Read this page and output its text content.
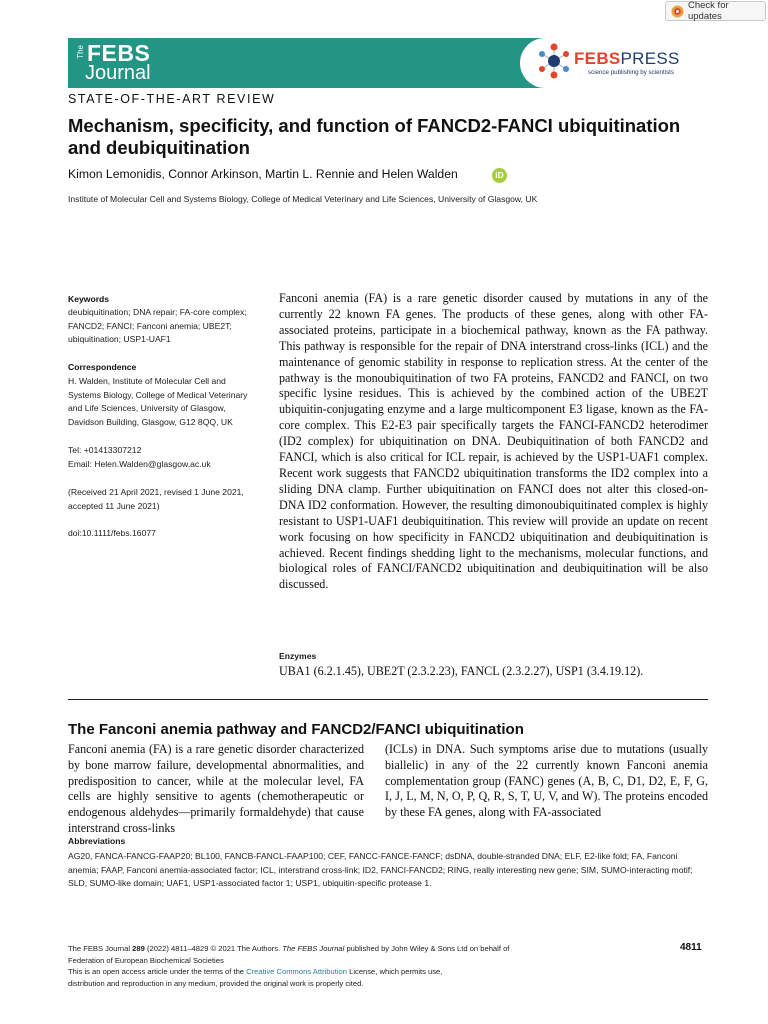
Check for updates
The FEBS
Journal
FEBSPRESS
science publishing by scientists
STATE-OF-THE-ART REVIEW
Mechanism, specificity, and function of FANCD2-FANCI ubiquitination and deubiquitination
Kimon Lemonidis, Connor Arkinson, Martin L. Rennie and Helen Walden	iD
Institute of Molecular Cell and Systems Biology, College of Medical Veterinary and Life Sciences, University of Glasgow, UK
Keywords
deubiquitination; DNA repair; FA-core complex; FANCD2; FANCI; Fanconi anemia; UBE2T; ubiquitination; USP1-UAF1
Correspondence
H. Walden, Institute of Molecular Cell and Systems Biology, College of Medical Veterinary and Life Sciences, University of Glasgow, Davidson Building, Glasgow, G12 8QQ, UK
Tel: +01413307212
Email: Helen.Walden@glasgow.ac.uk
(Received 21 April 2021, revised 1 June 2021, accepted 11 June 2021)
doi:10.1111/febs.16077
Fanconi anemia (FA) is a rare genetic disorder caused by mutations in any of the currently 22 known FA genes. The products of these genes, along with other FA-associated proteins, participate in a biochemical pathway, known as the FA pathway. This pathway is responsible for the repair of DNA interstrand cross-links (ICL) and the maintenance of genomic stability in response to replication stress. At the center of the pathway is the monoubiquitination of two FA proteins, FANCD2 and FANCI, on two specific lysine residues. This is achieved by the combined action of the UBE2T ubiquitin-conjugating enzyme and a large multicomponent E3 ligase, known as the FA-core complex. This E2-E3 pair specifically targets the FANCI-FANCD2 heterodimer (ID2 complex) for ubiquitination on DNA. Deubiquitination of both FANCD2 and FANCI, which is also critical for ICL repair, is achieved by the USP1-UAF1 complex. Recent work suggests that FANCD2 ubiquitination transforms the ID2 complex into a sliding DNA clamp. Further ubiquitination on FANCI does not alter this closed-on-DNA ID2 conformation. However, the resulting dimonoubiquitinated complex is highly resistant to USP1-UAF1 deubiquitination. This review will provide an update on recent work focusing on how specificity in FANCD2 ubiquitination and deubiquitination is achieved. Recent findings shedding light to the mechanisms, molecular functions, and biological roles of FANCI/FANCD2 ubiquitination and deubiquitination will be also discussed.
Enzymes
UBA1 (6.2.1.45), UBE2T (2.3.2.23), FANCL (2.3.2.27), USP1 (3.4.19.12).
The Fanconi anemia pathway and FANCD2/FANCI ubiquitination
Fanconi anemia (FA) is a rare genetic disorder characterized by bone marrow failure, developmental abnormalities, and predisposition to cancer, while at the molecular level, FA cells are highly sensitive to agents (chemotherapeutic or endogenous aldehydes—primarily formaldehyde) that cause interstrand cross-links
(ICLs) in DNA. Such symptoms arise due to mutations (usually biallelic) in any of the 22 currently known Fanconi anemia complementation group (FANC) genes (A, B, C, D1, D2, E, F, G, I, J, L, M, N, O, P, Q, R, S, T, U, V, and W). The proteins encoded by these FA genes, along with FA-associated
Abbreviations
AG20, FANCA-FANCG-FAAP20; BL100, FANCB-FANCL-FAAP100; CEF, FANCC-FANCE-FANCF; dsDNA, double-stranded DNA; ELF, E2-like fold; FA, Fanconi anemia; FAAP, Fanconi anemia-associated factor; ICL, interstrand cross-link; ID2, FANCI-FANCD2; RING, really interesting new gene; SIM, SUMO-interacting motif; SLD, SUMO-like domain; UAF1, USP1-associated factor 1; USP1, ubiquitin-specific protease 1.
The FEBS Journal 289 (2022) 4811–4829 © 2021 The Authors. The FEBS Journal published by John Wiley & Sons Ltd on behalf of
Federation of European Biochemical Societies
This is an open access article under the terms of the Creative Commons Attribution License, which permits use,
distribution and reproduction in any medium, provided the original work is properly cited.
4811
